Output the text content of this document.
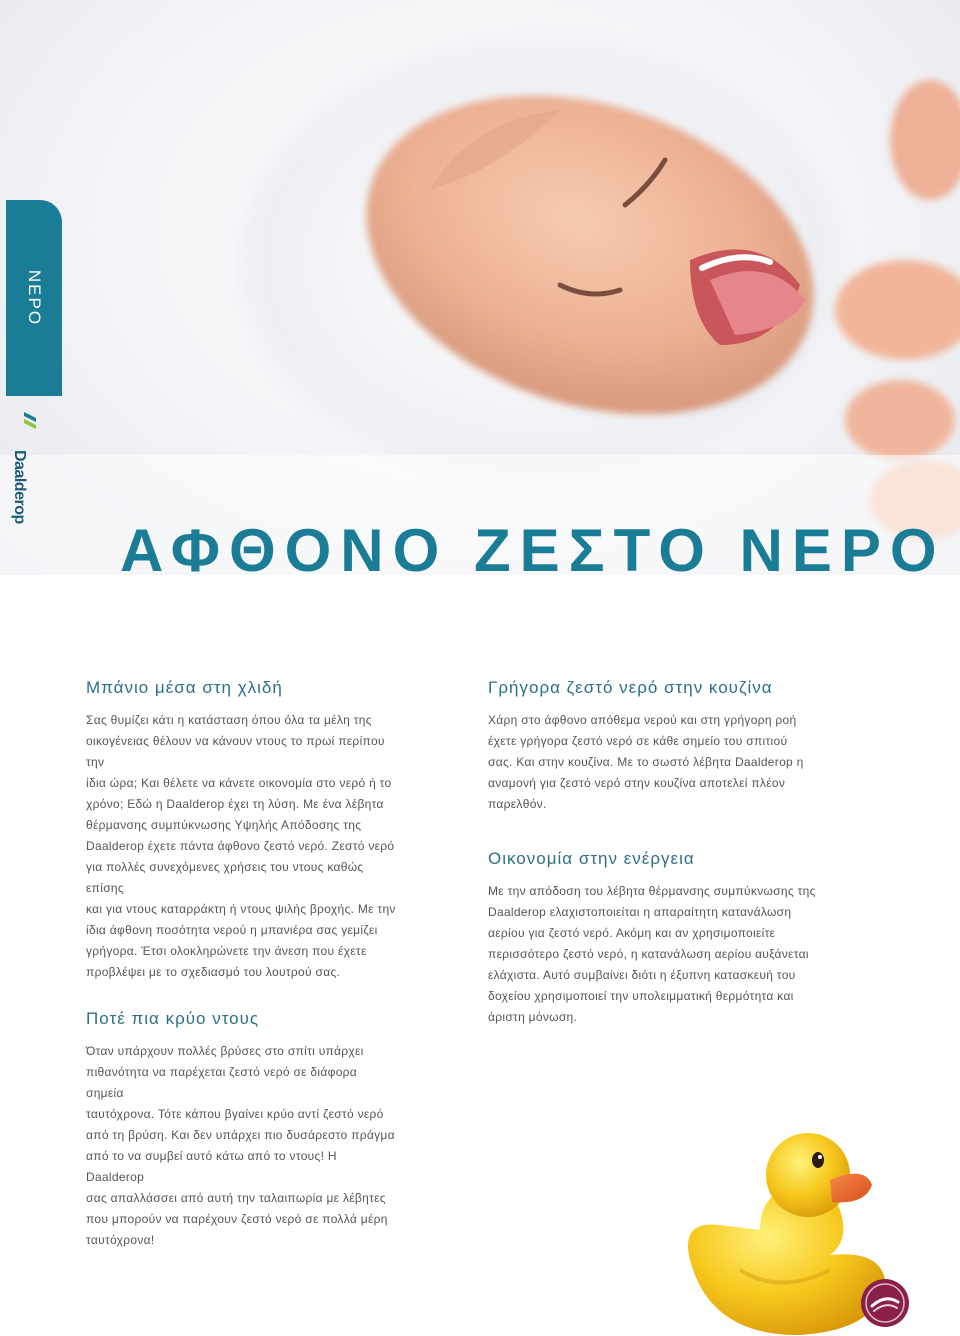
ΝΕΡΟ
Daalderop
ΑΦΘΟΝΟ ΖΕΣΤΟ ΝΕΡΟ
Μπάνιο μέσα στη χλιδή

Σας θυμίζει κάτι η κατάσταση όπου όλα τα μέλη της

οικογένειας θέλουν να κάνουν ντους το πρωί περίπου την

ίδια ώρα; Και θέλετε να κάνετε οικονομία στο νερό ή το

χρόνο; Εδώ η Daalderop έχει τη λύση. Με ένα λέβητα

θέρμανσης συμπύκνωσης Υψηλής Απόδοσης της

Daalderop έχετε πάντα άφθονο ζεστό νερό. Ζεστό νερό

για πολλές συνεχόμενες χρήσεις του ντους καθώς επίσης

και για ντους καταρράκτη ή ντους ψιλής βροχής. Με την

ίδια άφθονη ποσότητα νερού η μπανιέρα σας γεμίζει

γρήγορα. Έτσι ολοκληρώνετε την άνεση που έχετε

προβλέψει με το σχεδιασμό του λουτρού σας.

Ποτέ πια κρύο ντους

Όταν υπάρχουν πολλές βρύσες στο σπίτι υπάρχει

πιθανότητα να παρέχεται ζεστό νερό σε διάφορα σημεία

ταυτόχρονα. Τότε κάπου βγαίνει κρύο αντί ζεστό νερό

από τη βρύση. Και δεν υπάρχει πιο δυσάρεστο πράγμα

από το να συμβεί αυτό κάτω από το ντους! Η Daalderop

σας απαλλάσσει από αυτή την ταλαιπωρία με λέβητες

που μπορούν να παρέχουν ζεστό νερό σε πολλά μέρη

ταυτόχρονα!

Γρήγορα ζεστό νερό στην κουζίνα

Χάρη στο άφθονο απόθεμα νερού και στη γρήγορη ροή

έχετε γρήγορα ζεστό νερό σε κάθε σημείο του σπιτιού

σας. Και στην κουζίνα. Με το σωστό λέβητα Daalderop η

αναμονή για ζεστό νερό στην κουζίνα αποτελεί πλέον

παρελθόν.

Οικονομία στην ενέργεια

Με την απόδοση του λέβητα θέρμανσης συμπύκνωσης της

Daalderop ελαχιστοποιείται η απαραίτητη κατανάλωση

αερίου για ζεστό νερό. Ακόμη και αν χρησιμοποιείτε

περισσότερο ζεστό νερό, η κατανάλωση αερίου αυξάνεται

ελάχιστα. Αυτό συμβαίνει διότι η έξυπνη κατασκευή του

δοχείου χρησιμοποιεί την υπολειμματική θερμότητα και

άριστη μόνωση.
